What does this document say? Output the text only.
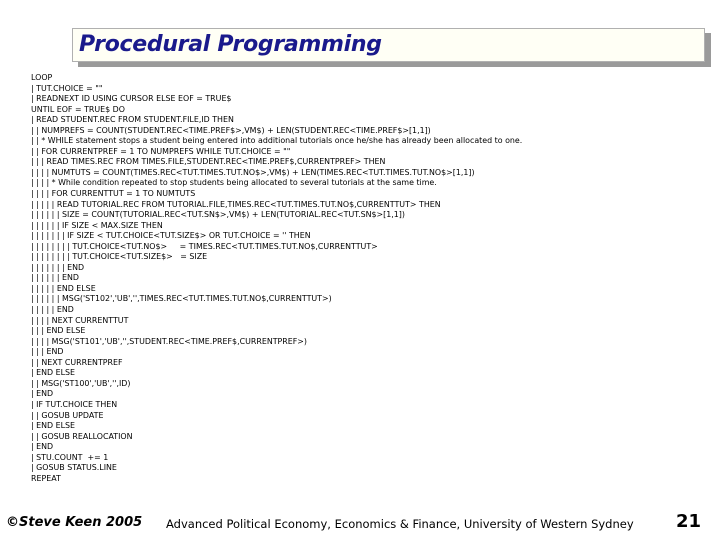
Procedural Programming
LOOP
| TUT.CHOICE = ""
| READNEXT ID USING CURSOR ELSE EOF = TRUE$
UNTIL EOF = TRUE$ DO
| READ STUDENT.REC FROM STUDENT.FILE,ID THEN
| | NUMPREFS = COUNT(STUDENT.REC<TIME.PREF$>,VM$) + LEN(STUDENT.REC<TIME.PREF$>[1,1])
| | * WHILE statement stops a student being entered into additional tutorials once he/she has already been allocated to one.
| | FOR CURRENTPREF = 1 TO NUMPREFS WHILE TUT.CHOICE = ""
| | | READ TIMES.REC FROM TIMES.FILE,STUDENT.REC<TIME.PREF$,CURRENTPREF> THEN
| | | | NUMTUTS = COUNT(TIMES.REC<TUT.TIMES.TUT.NO$>,VM$) + LEN(TIMES.REC<TUT.TIMES.TUT.NO$>[1,1])
| | | | * While condition repeated to stop students being allocated to several tutorials at the same time.
| | | | FOR CURRENTTUT = 1 TO NUMTUTS
| | | | | READ TUTORIAL.REC FROM TUTORIAL.FILE,TIMES.REC<TUT.TIMES.TUT.NO$,CURRENTTUT> THEN
| | | | | | SIZE = COUNT(TUTORIAL.REC<TUT.SN$>,VM$) + LEN(TUTORIAL.REC<TUT.SN$>[1,1])
| | | | | | IF SIZE < MAX.SIZE THEN
| | | | | | | IF SIZE < TUT.CHOICE<TUT.SIZE$> OR TUT.CHOICE = '' THEN
| | | | | | | | TUT.CHOICE<TUT.NO$>     = TIMES.REC<TUT.TIMES.TUT.NO$,CURRENTTUT>
| | | | | | | | TUT.CHOICE<TUT.SIZE$>   = SIZE
| | | | | | | END
| | | | | | END
| | | | | END ELSE
| | | | | | MSG('ST102','UB','',TIMES.REC<TUT.TIMES.TUT.NO$,CURRENTTUT>)
| | | | | END
| | | | NEXT CURRENTTUT
| | | END ELSE
| | | | MSG('ST101','UB','',STUDENT.REC<TIME.PREF$,CURRENTPREF>)
| | | END
| | NEXT CURRENTPREF
| END ELSE
| | MSG('ST100','UB','',ID)
| END
| IF TUT.CHOICE THEN
| | GOSUB UPDATE
| END ELSE
| | GOSUB REALLOCATION
| END
| STU.COUNT  += 1
| GOSUB STATUS.LINE
REPEAT
©Steve Keen 2005 Advanced Political Economy, Economics & Finance, University of Western Sydney 21
